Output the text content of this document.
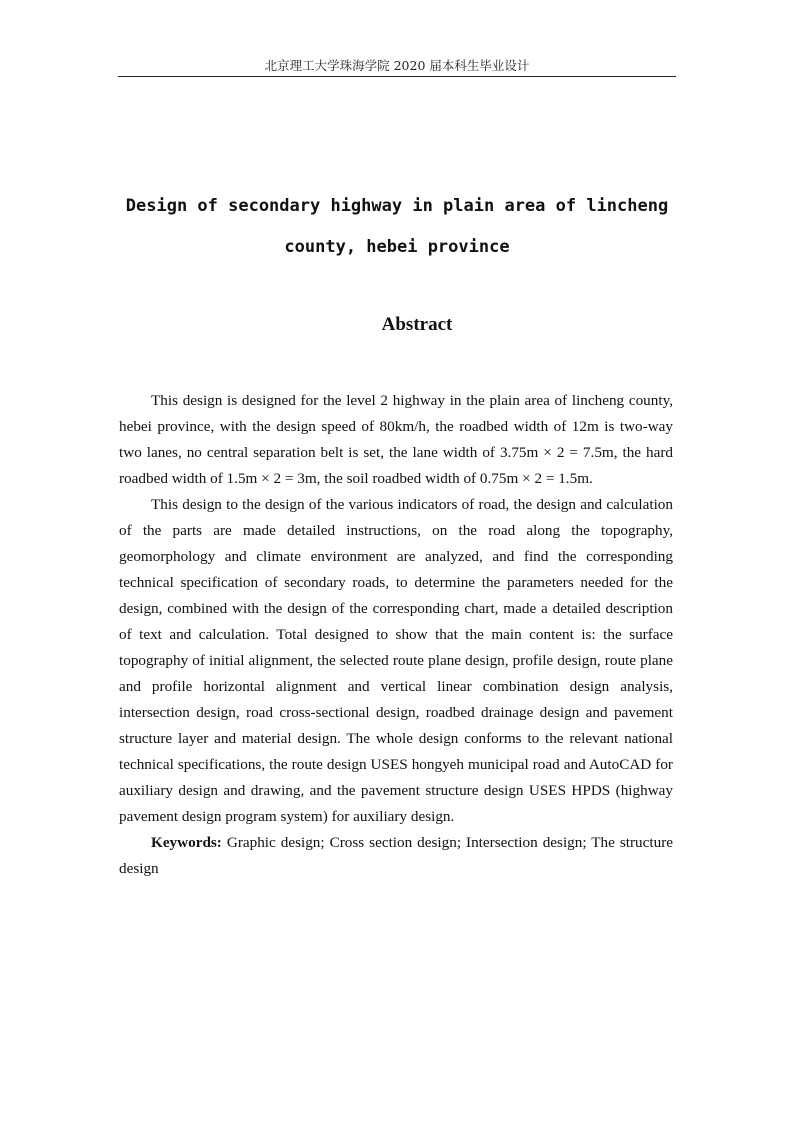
北京理工大学珠海学院 2020 届本科生毕业设计
Design of secondary highway in plain area of lincheng
county, hebei province
Abstract

This design is designed for the level 2 highway in the plain area of lincheng county, hebei province, with the design speed of 80km/h, the roadbed width of 12m is two-way two lanes, no central separation belt is set, the lane width of 3.75m × 2 = 7.5m, the hard roadbed width of 1.5m × 2 = 3m, the soil roadbed width of 0.75m × 2 = 1.5m.

This design to the design of the various indicators of road, the design and calculation of the parts are made detailed instructions, on the road along the topography, geomorphology and climate environment are analyzed, and find the corresponding technical specification of secondary roads, to determine the parameters needed for the design, combined with the design of the corresponding chart, made a detailed description of text and calculation. Total designed to show that the main content is: the surface topography of initial alignment, the selected route plane design, profile design, route plane and profile horizontal alignment and vertical linear combination design analysis, intersection design, road cross-sectional design, roadbed drainage design and pavement structure layer and material design. The whole design conforms to the relevant national technical specifications, the route design USES hongyeh municipal road and AutoCAD for auxiliary design and drawing, and the pavement structure design USES HPDS (highway pavement design program system) for auxiliary design.

Keywords: Graphic design; Cross section design; Intersection design; The structure design
